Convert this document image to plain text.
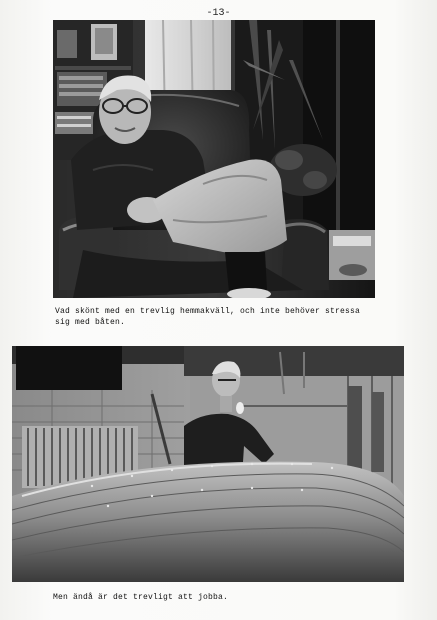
-13-
Vad skönt med en trevlig hemmakväll, och inte behöver stressa
sig med båten.
Men ändå är det trevligt att jobba.
